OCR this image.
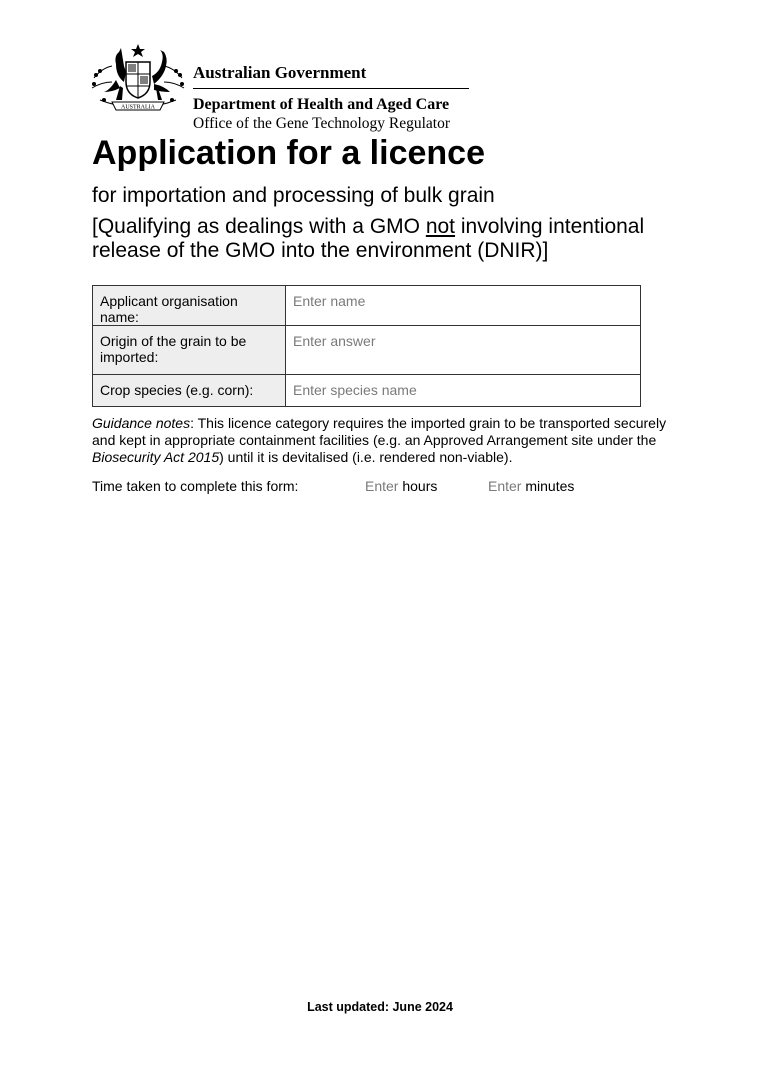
AUSTRALIA
Australian Government
Department of Health and Aged Care
Office of the Gene Technology Regulator
Application for a licence
for importation and processing of bulk grain
[Qualifying as dealings with a GMO not involving intentional release of the GMO into the environment (DNIR)]
Applicant organisation name:	Enter name
Origin of the grain to be imported:	Enter answer
Crop species (e.g. corn):	Enter species name
Guidance notes: This licence category requires the imported grain to be transported securely and kept in appropriate containment facilities (e.g. an Approved Arrangement site under the Biosecurity Act 2015) until it is devitalised (i.e. rendered non-viable).
Time taken to complete this form:	Enter hours	Enter minutes
Last updated: June 2024
